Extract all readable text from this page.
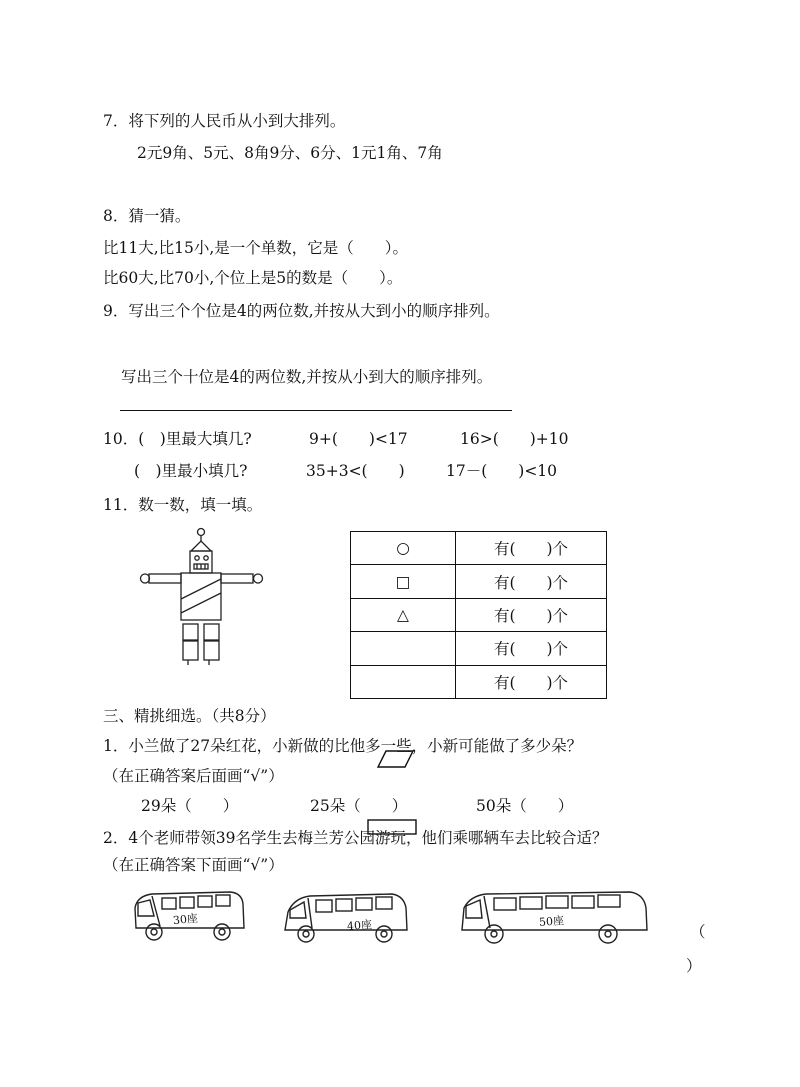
7．将下列的人民币从小到大排列。
2元9角、5元、8角9分、6分、1元1角、7角
8．猜一猜。
比11大,比15小,是一个单数，它是（　　）。
比60大,比70小,个位上是5的数是（　　）。
9．写出三个个位是4的两位数,并按从大到小的顺序排列。
写出三个十位是4的两位数,并按从小到大的顺序排列。
10．(　)里最大填几?	9+(　　)<17	16>(　　)+10
(　)里最小填几?	35+3<(　　)	17－(　　)<10
11．数一数，填一填。
○	有(　　)个
□	有(　　)个
△	有(　　)个
	有(　　)个
	有(　　)个
三、精挑细选。（共8分）
1．小兰做了27朵红花，小新做的比他多一些，小新可能做了多少朵？
（在正确答案后面画“√”）
29朵（　　）	25朵（　　）	50朵（　　）
2．4个老师带领39名学生去梅兰芳公园游玩，他们乘哪辆车去比较合适？
（在正确答案下面画“√”）
30座	40座	50座
（
）
